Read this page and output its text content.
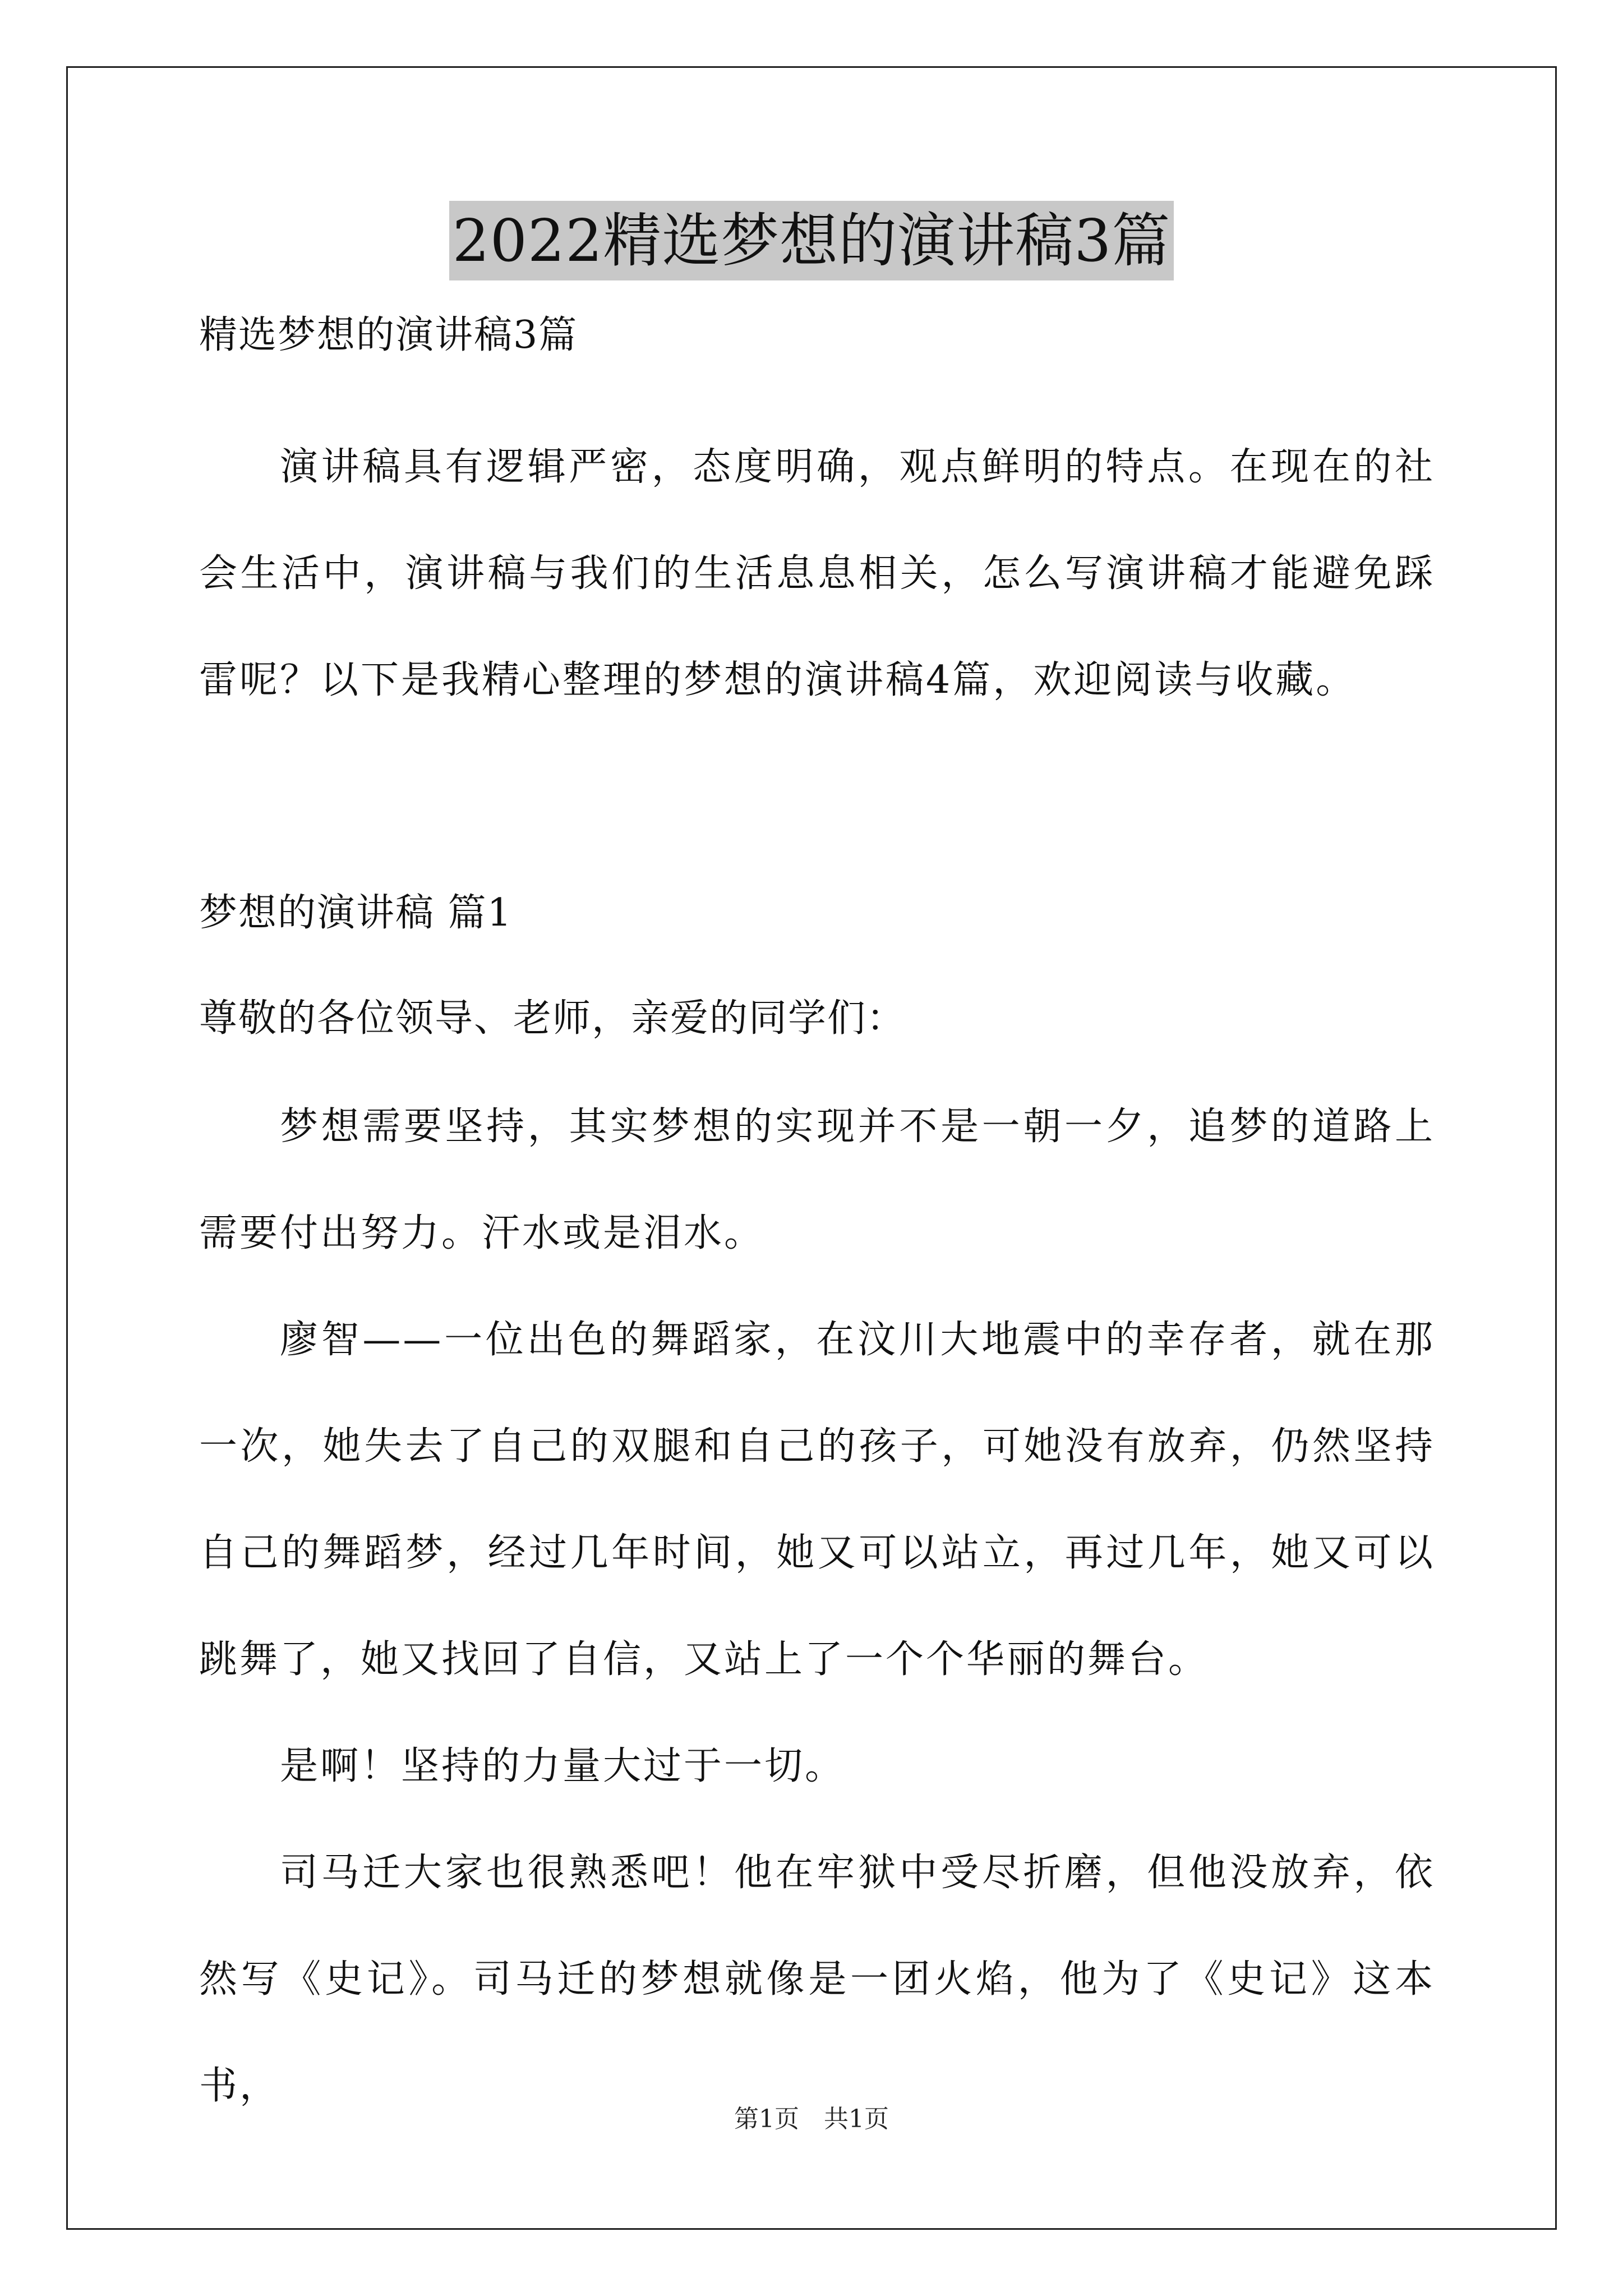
2022精选梦想的演讲稿3篇
精选梦想的演讲稿3篇

演讲稿具有逻辑严密，态度明确，观点鲜明的特点。在现在的社会生活中，演讲稿与我们的生活息息相关，怎么写演讲稿才能避免踩雷呢？以下是我精心整理的梦想的演讲稿4篇，欢迎阅读与收藏。

梦想的演讲稿 篇1
尊敬的各位领导、老师，亲爱的同学们：

梦想需要坚持，其实梦想的实现并不是一朝一夕，追梦的道路上需要付出努力。汗水或是泪水。

廖智——一位出色的舞蹈家，在汶川大地震中的幸存者，就在那一次，她失去了自己的双腿和自己的孩子，可她没有放弃，仍然坚持自己的舞蹈梦，经过几年时间，她又可以站立，再过几年，她又可以跳舞了，她又找回了自信，又站上了一个个华丽的舞台。

是啊！坚持的力量大过于一切。

司马迁大家也很熟悉吧！他在牢狱中受尽折磨，但他没放弃，依然写《史记》。司马迁的梦想就像是一团火焰，他为了《史记》这本书，

第1页　共1页
